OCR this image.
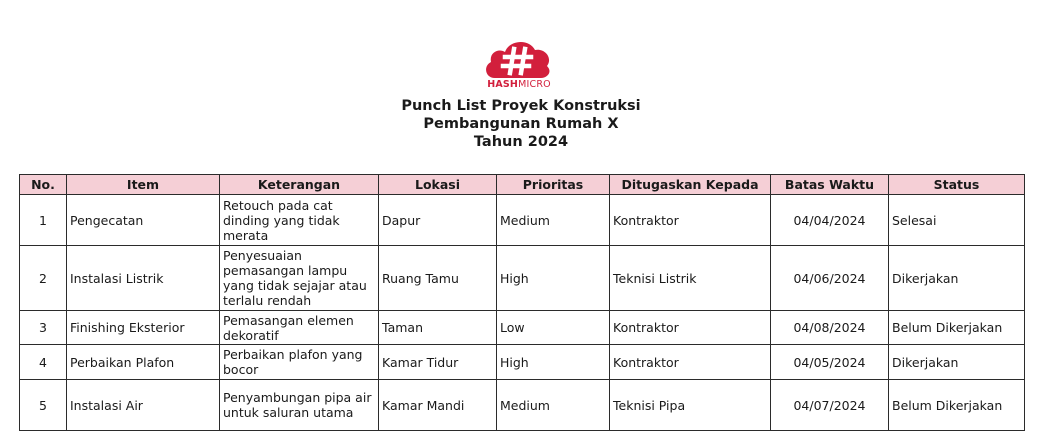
HASHMICRO
Punch List Proyek Konstruksi
Pembangunan Rumah X
Tahun 2024
No.	Item	Keterangan	Lokasi	Prioritas	Ditugaskan Kepada	Batas Waktu	Status
1	Pengecatan	Retouch pada cat dinding yang tidak merata	Dapur	Medium	Kontraktor	04/04/2024	Selesai
2	Instalasi Listrik	Penyesuaian pemasangan lampu yang tidak sejajar atau terlalu rendah	Ruang Tamu	High	Teknisi Listrik	04/06/2024	Dikerjakan
3	Finishing Eksterior	Pemasangan elemen dekoratif	Taman	Low	Kontraktor	04/08/2024	Belum Dikerjakan
4	Perbaikan Plafon	Perbaikan plafon yang bocor	Kamar Tidur	High	Kontraktor	04/05/2024	Dikerjakan
5	Instalasi Air	Penyambungan pipa air untuk saluran utama	Kamar Mandi	Medium	Teknisi Pipa	04/07/2024	Belum Dikerjakan
